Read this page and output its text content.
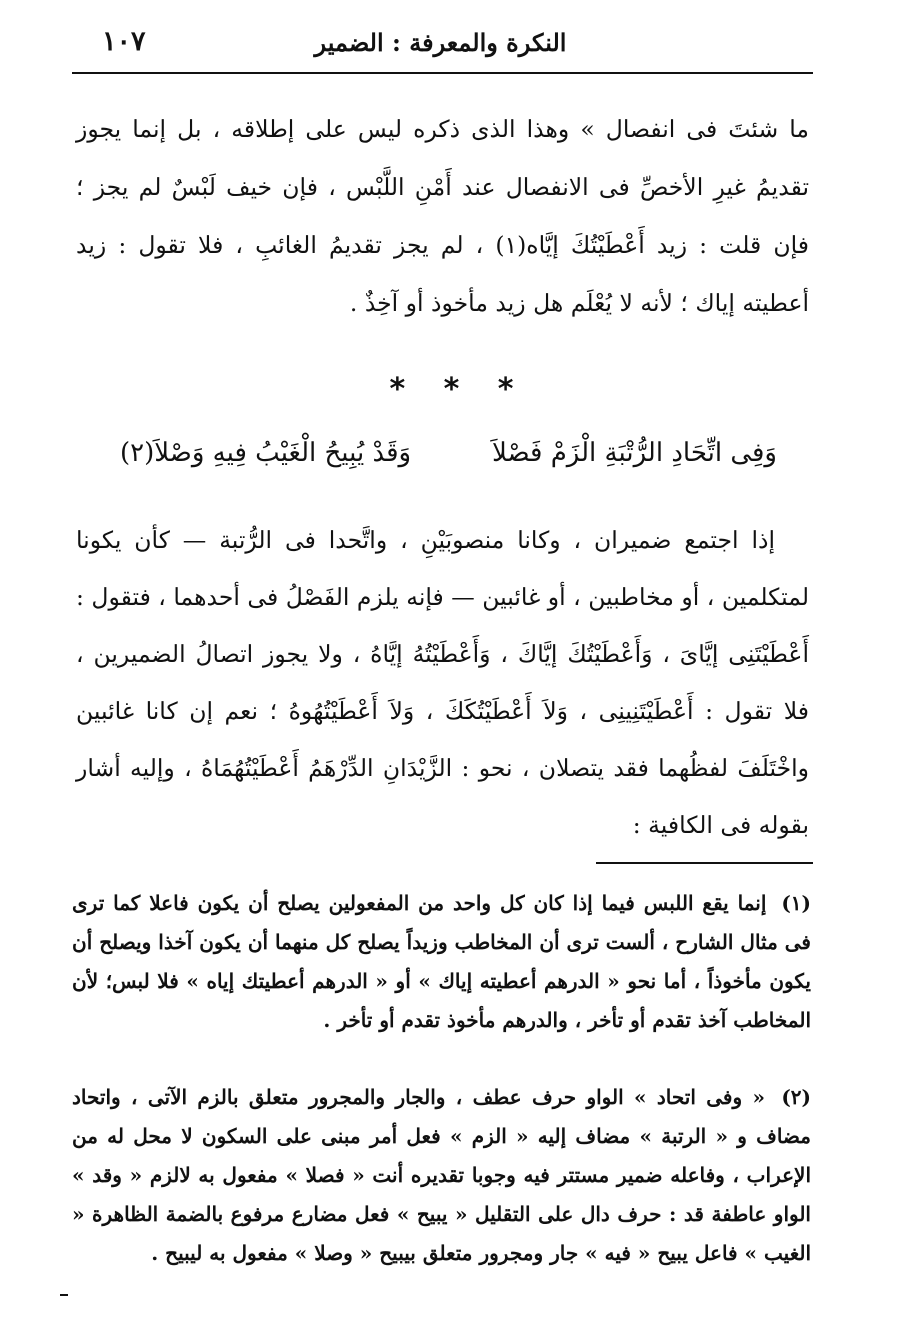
النكرة والمعرفة : الضمير
١٠٧

ما شئتَ فى انفصال » وهذا الذى ذكره ليس على إطلاقه ، بل إنما يجوز تقديمُ غيرِ الأخصِّ فى الانفصال عند أَمْنِ اللَّبْس ، فإن خيف لَبْسٌ لم يجز ؛ فإن قلت : زيد أَعْطَيْتُكَ إيَّاه(١) ، لم يجز تقديمُ الغائبِ ، فلا تقول : زيد أعطيته إياك ؛ لأنه لا يُعْلَم هل زيد مأخوذ أو آخِذٌ .

* * *
وَفِى اتِّحَادِ الرُّتْبَةِ الْزَمْ فَصْلاَ
وَقَدْ يُبِيحُ الْغَيْبُ فِيهِ وَصْلاَ(٢)

إذا اجتمع ضميران ، وكانا منصوبَيْنِ ، واتَّحدا فى الرُّتبة — كأن يكونا لمتكلمين ، أو مخاطبين ، أو غائبين — فإنه يلزم الفَصْلُ فى أحدهما ، فتقول : أَعْطَيْتَنِى إيَّاىَ ، وَأَعْطَيْتُكَ إيَّاكَ ، وَأَعْطَيْتُهُ إيَّاهُ ، ولا يجوز اتصالُ الضميرين ، فلا تقول : أَعْطَيْتَنِينِى ، وَلاَ أَعْطَيْتُكَكَ ، وَلاَ أَعْطَيْتُهُوهُ ؛ نعم إن كانا غائبين واخْتَلَفَ لفظُهما فقد يتصلان ، نحو : الزَّيْدَانِ الدِّرْهَمُ أَعْطَيْتُهُمَاهُ ، وإليه أشار بقوله فى الكافية :

(١) إنما يقع اللبس فيما إذا كان كل واحد من المفعولين يصلح أن يكون فاعلا كما ترى فى مثال الشارح ، ألست ترى أن المخاطب وزيداً يصلح كل منهما أن يكون آخذا ويصلح أن يكون مأخوذاً ، أما نحو « الدرهم أعطيته إياك » أو « الدرهم أعطيتك إياه » فلا لبس؛ لأن المخاطب آخذ تقدم أو تأخر ، والدرهم مأخوذ تقدم أو تأخر .

(٢) « وفى اتحاد » الواو حرف عطف ، والجار والمجرور متعلق بالزم الآتى ، واتحاد مضاف و « الرتبة » مضاف إليه « الزم » فعل أمر مبنى على السكون لا محل له من الإعراب ، وفاعله ضمير مستتر فيه وجوبا تقديره أنت « فصلا » مفعول به لالزم « وقد » الواو عاطفة قد : حرف دال على التقليل « يبيح » فعل مضارع مرفوع بالضمة الظاهرة « الغيب » فاعل يبيح « فيه » جار ومجرور متعلق بيبيح « وصلا » مفعول به ليبيح .
